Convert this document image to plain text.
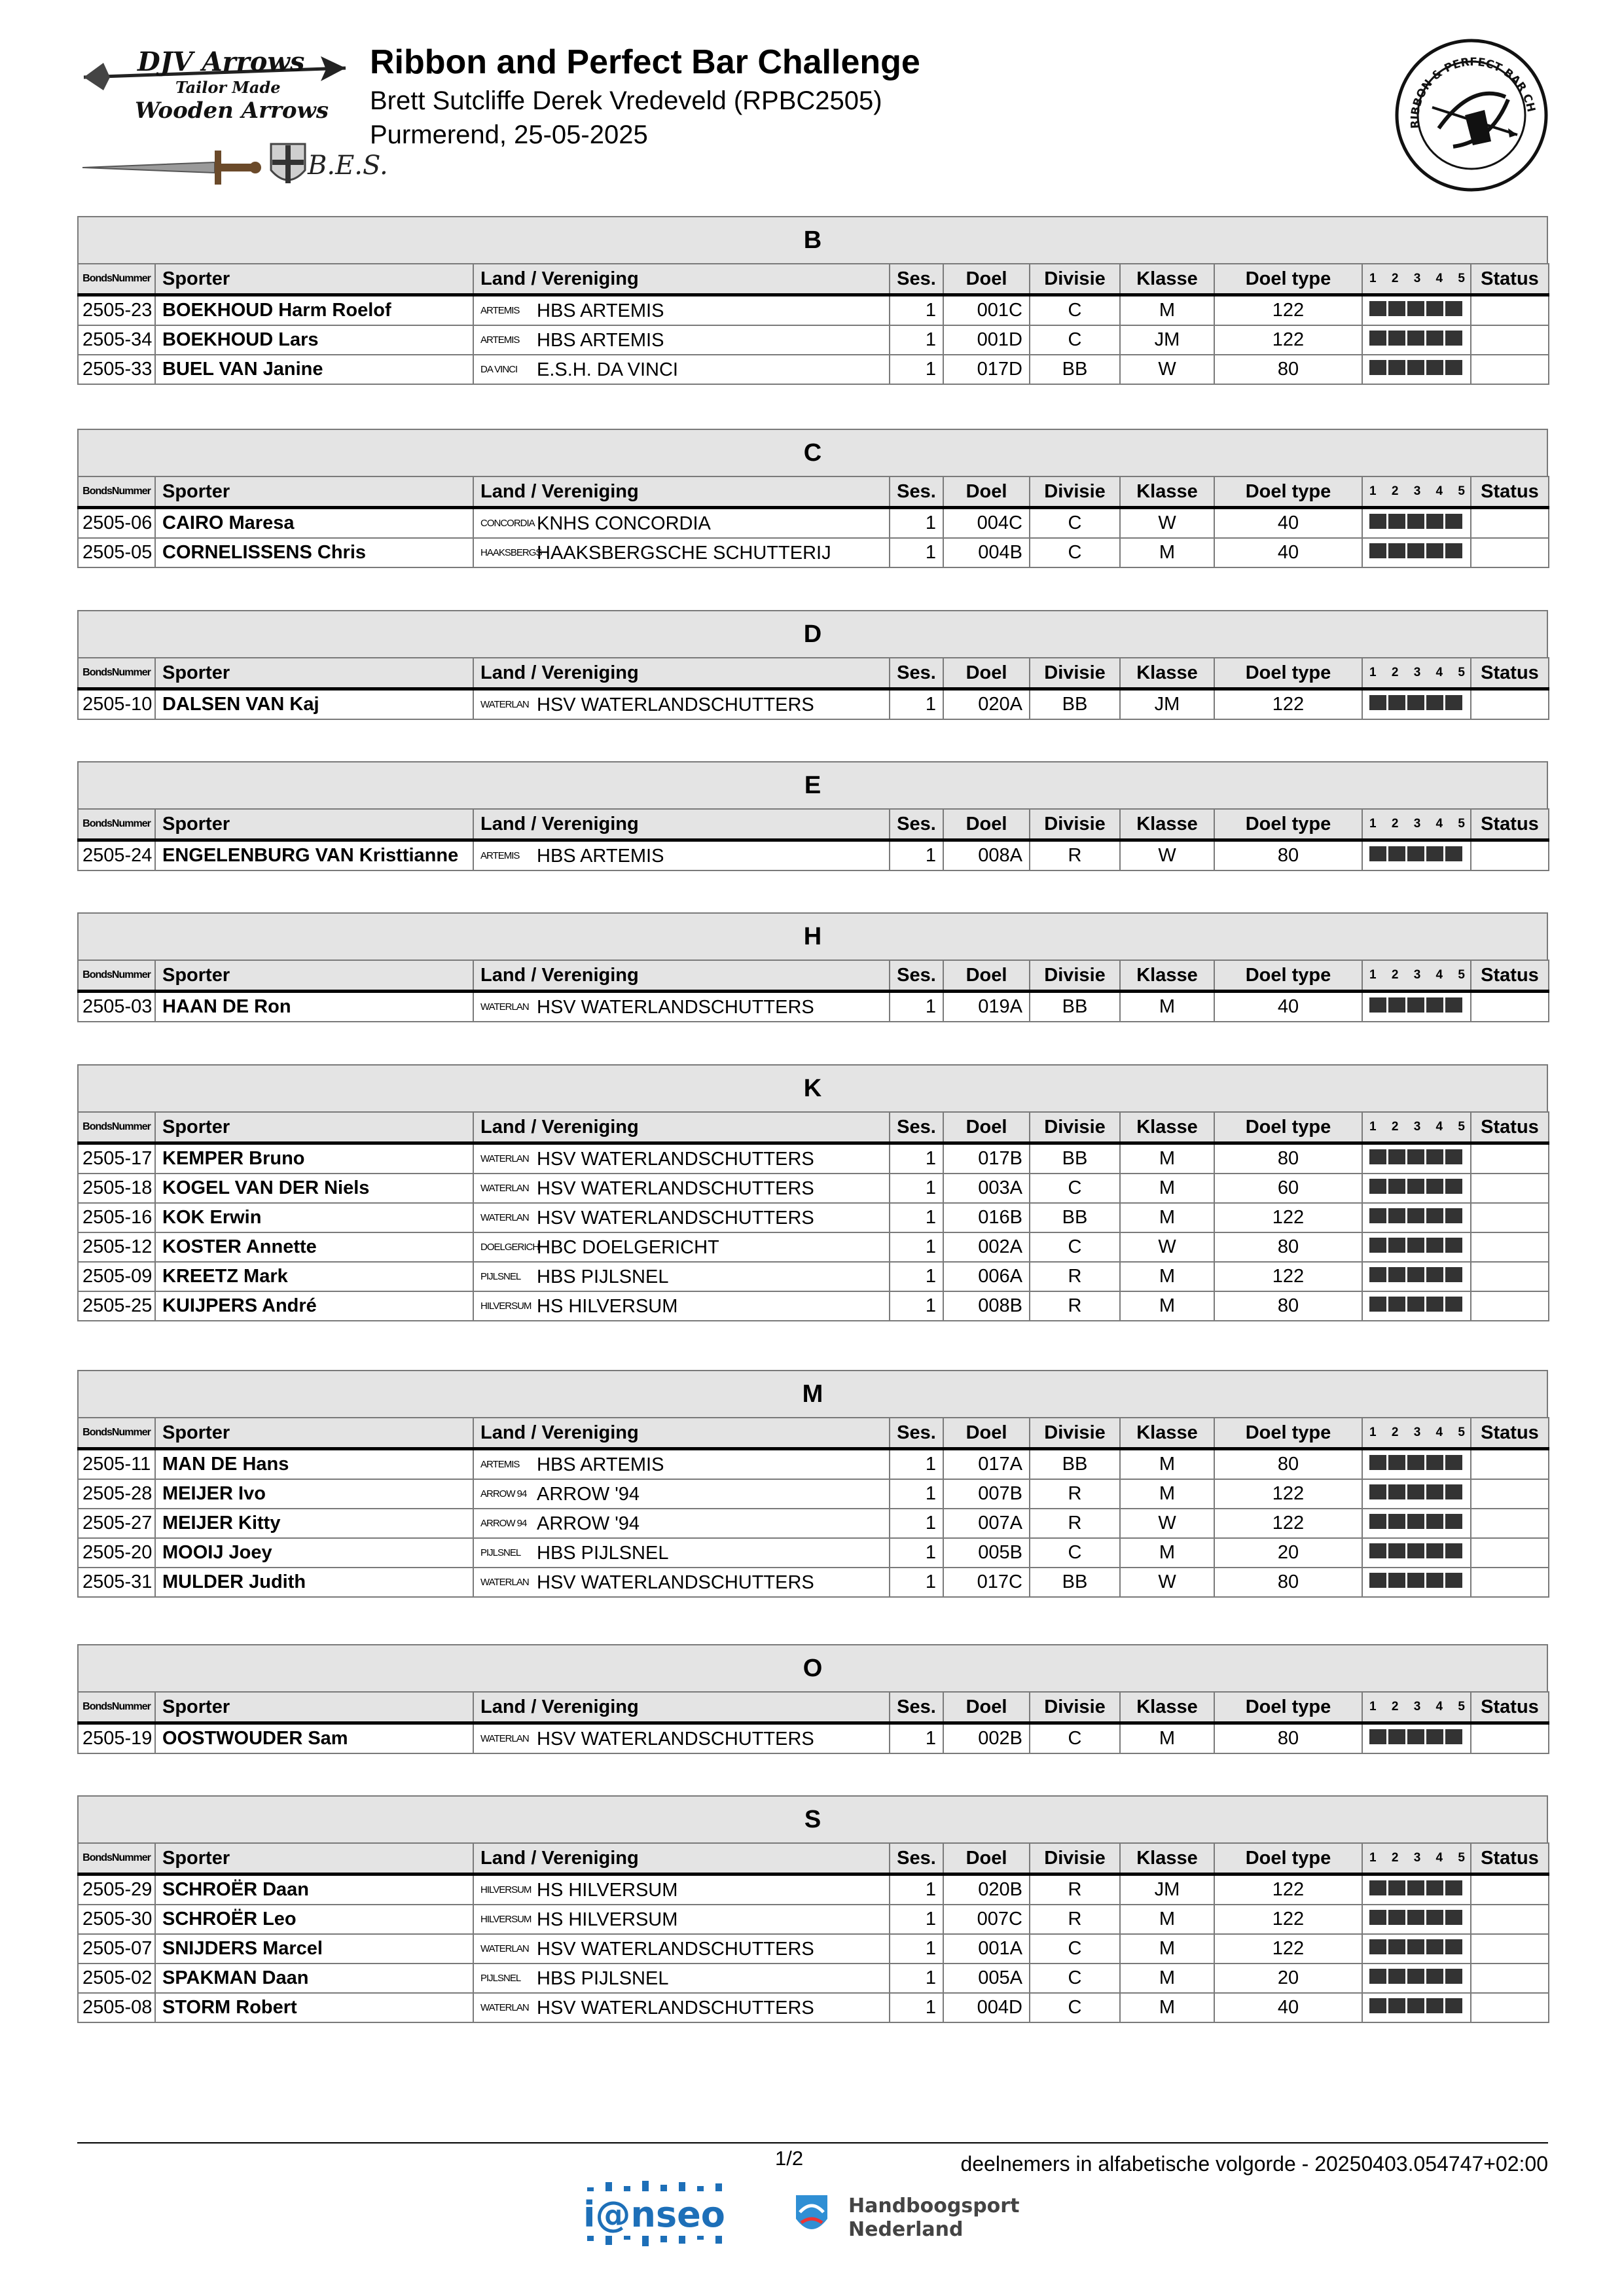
DJV Arrows
Tailor Made
Wooden Arrows
B.E.S.
Ribbon and Perfect Bar Challenge
Brett Sutcliffe Derek Vredeveld (RPBC2505)
Purmerend, 25-05-2025	RIBBON & PERFECT BAR CH
B
BondsNummer	Sporter	Land / Vereniging	Ses.	Doel	Divisie	Klasse	Doel type	1 2 3 4 5	Status
2505-23	BOEKHOUD Harm Roelof	ARTEMIS HBS ARTEMIS	1	001C	C	M	122		
2505-34	BOEKHOUD Lars	ARTEMIS HBS ARTEMIS	1	001D	C	JM	122		
2505-33	BUEL VAN Janine	DA VINCI E.S.H. DA VINCI	1	017D	BB	W	80		
C
BondsNummer	Sporter	Land / Vereniging	Ses.	Doel	Divisie	Klasse	Doel type	1 2 3 4 5	Status
2505-06	CAIRO Maresa	CONCORDIA KNHS CONCORDIA	1	004C	C	W	40		
2505-05	CORNELISSENS Chris	HAAKSBERGSHAAKSBERGSCHE SCHUTTERIJ	1	004B	C	M	40		
D
BondsNummer	Sporter	Land / Vereniging	Ses.	Doel	Divisie	Klasse	Doel type	1 2 3 4 5	Status
2505-10	DALSEN VAN Kaj	WATERLAN HSV WATERLANDSCHUTTERS	1	020A	BB	JM	122		
E
BondsNummer	Sporter	Land / Vereniging	Ses.	Doel	Divisie	Klasse	Doel type	1 2 3 4 5	Status
2505-24	ENGELENBURG VAN Kristtianne	ARTEMIS HBS ARTEMIS	1	008A	R	W	80		
H
BondsNummer	Sporter	Land / Vereniging	Ses.	Doel	Divisie	Klasse	Doel type	1 2 3 4 5	Status
2505-03	HAAN DE Ron	WATERLAN HSV WATERLANDSCHUTTERS	1	019A	BB	M	40		
K
BondsNummer	Sporter	Land / Vereniging	Ses.	Doel	Divisie	Klasse	Doel type	1 2 3 4 5	Status
2505-17	KEMPER Bruno	WATERLAN HSV WATERLANDSCHUTTERS	1	017B	BB	M	80		
2505-18	KOGEL VAN DER Niels	WATERLAN HSV WATERLANDSCHUTTERS	1	003A	C	M	60		
2505-16	KOK Erwin	WATERLAN HSV WATERLANDSCHUTTERS	1	016B	BB	M	122		
2505-12	KOSTER Annette	DOELGERICHHBC DOELGERICHT	1	002A	C	W	80		
2505-09	KREETZ Mark	PIJLSNEL HBS PIJLSNEL	1	006A	R	M	122		
2505-25	KUIJPERS André	HILVERSUM HS HILVERSUM	1	008B	R	M	80		
M
BondsNummer	Sporter	Land / Vereniging	Ses.	Doel	Divisie	Klasse	Doel type	1 2 3 4 5	Status
2505-11	MAN DE Hans	ARTEMIS HBS ARTEMIS	1	017A	BB	M	80		
2505-28	MEIJER Ivo	ARROW 94 ARROW '94	1	007B	R	M	122		
2505-27	MEIJER Kitty	ARROW 94 ARROW '94	1	007A	R	W	122		
2505-20	MOOIJ Joey	PIJLSNEL HBS PIJLSNEL	1	005B	C	M	20		
2505-31	MULDER Judith	WATERLAN HSV WATERLANDSCHUTTERS	1	017C	BB	W	80		
O
BondsNummer	Sporter	Land / Vereniging	Ses.	Doel	Divisie	Klasse	Doel type	1 2 3 4 5	Status
2505-19	OOSTWOUDER Sam	WATERLAN HSV WATERLANDSCHUTTERS	1	002B	C	M	80		
S
BondsNummer	Sporter	Land / Vereniging	Ses.	Doel	Divisie	Klasse	Doel type	1 2 3 4 5	Status
2505-29	SCHROËR Daan	HILVERSUM HS HILVERSUM	1	020B	R	JM	122		
2505-30	SCHROËR Leo	HILVERSUM HS HILVERSUM	1	007C	R	M	122		
2505-07	SNIJDERS Marcel	WATERLAN HSV WATERLANDSCHUTTERS	1	001A	C	M	122		
2505-02	SPAKMAN Daan	PIJLSNEL HBS PIJLSNEL	1	005A	C	M	20		
2505-08	STORM Robert	WATERLAN HSV WATERLANDSCHUTTERS	1	004D	C	M	40		
1/2	deelnemers in alfabetische volgorde - 20250403.054747+02:00
i@nseo	Handboogsport
Nederland
